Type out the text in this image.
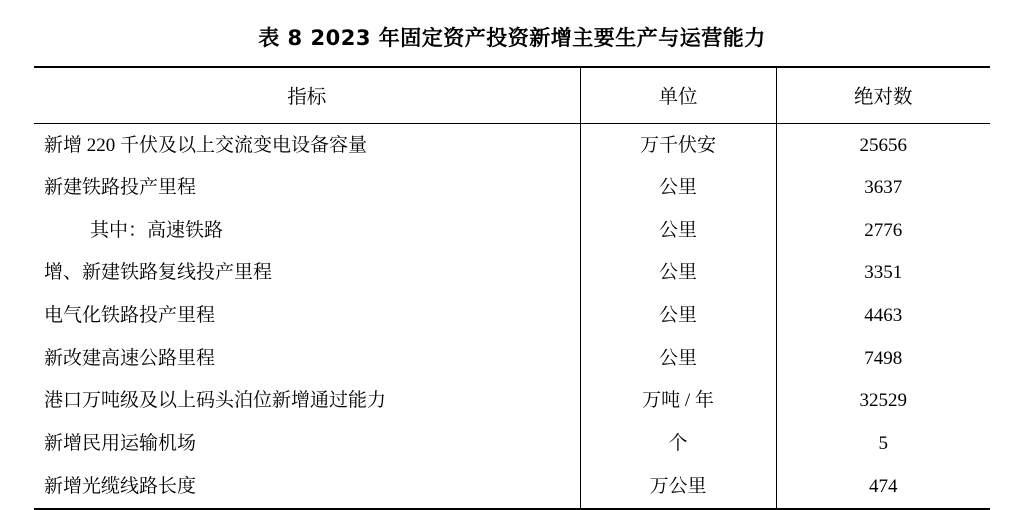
表 8 2023 年固定资产投资新增主要生产与运营能力
指标	单位	绝对数
新增 220 千伏及以上交流变电设备容量	万千伏安	25656
新建铁路投产里程	公里	3637
其中：高速铁路	公里	2776
增、新建铁路复线投产里程	公里	3351
电气化铁路投产里程	公里	4463
新改建高速公路里程	公里	7498
港口万吨级及以上码头泊位新增通过能力	万吨 / 年	32529
新增民用运输机场	个	5
新增光缆线路长度	万公里	474
